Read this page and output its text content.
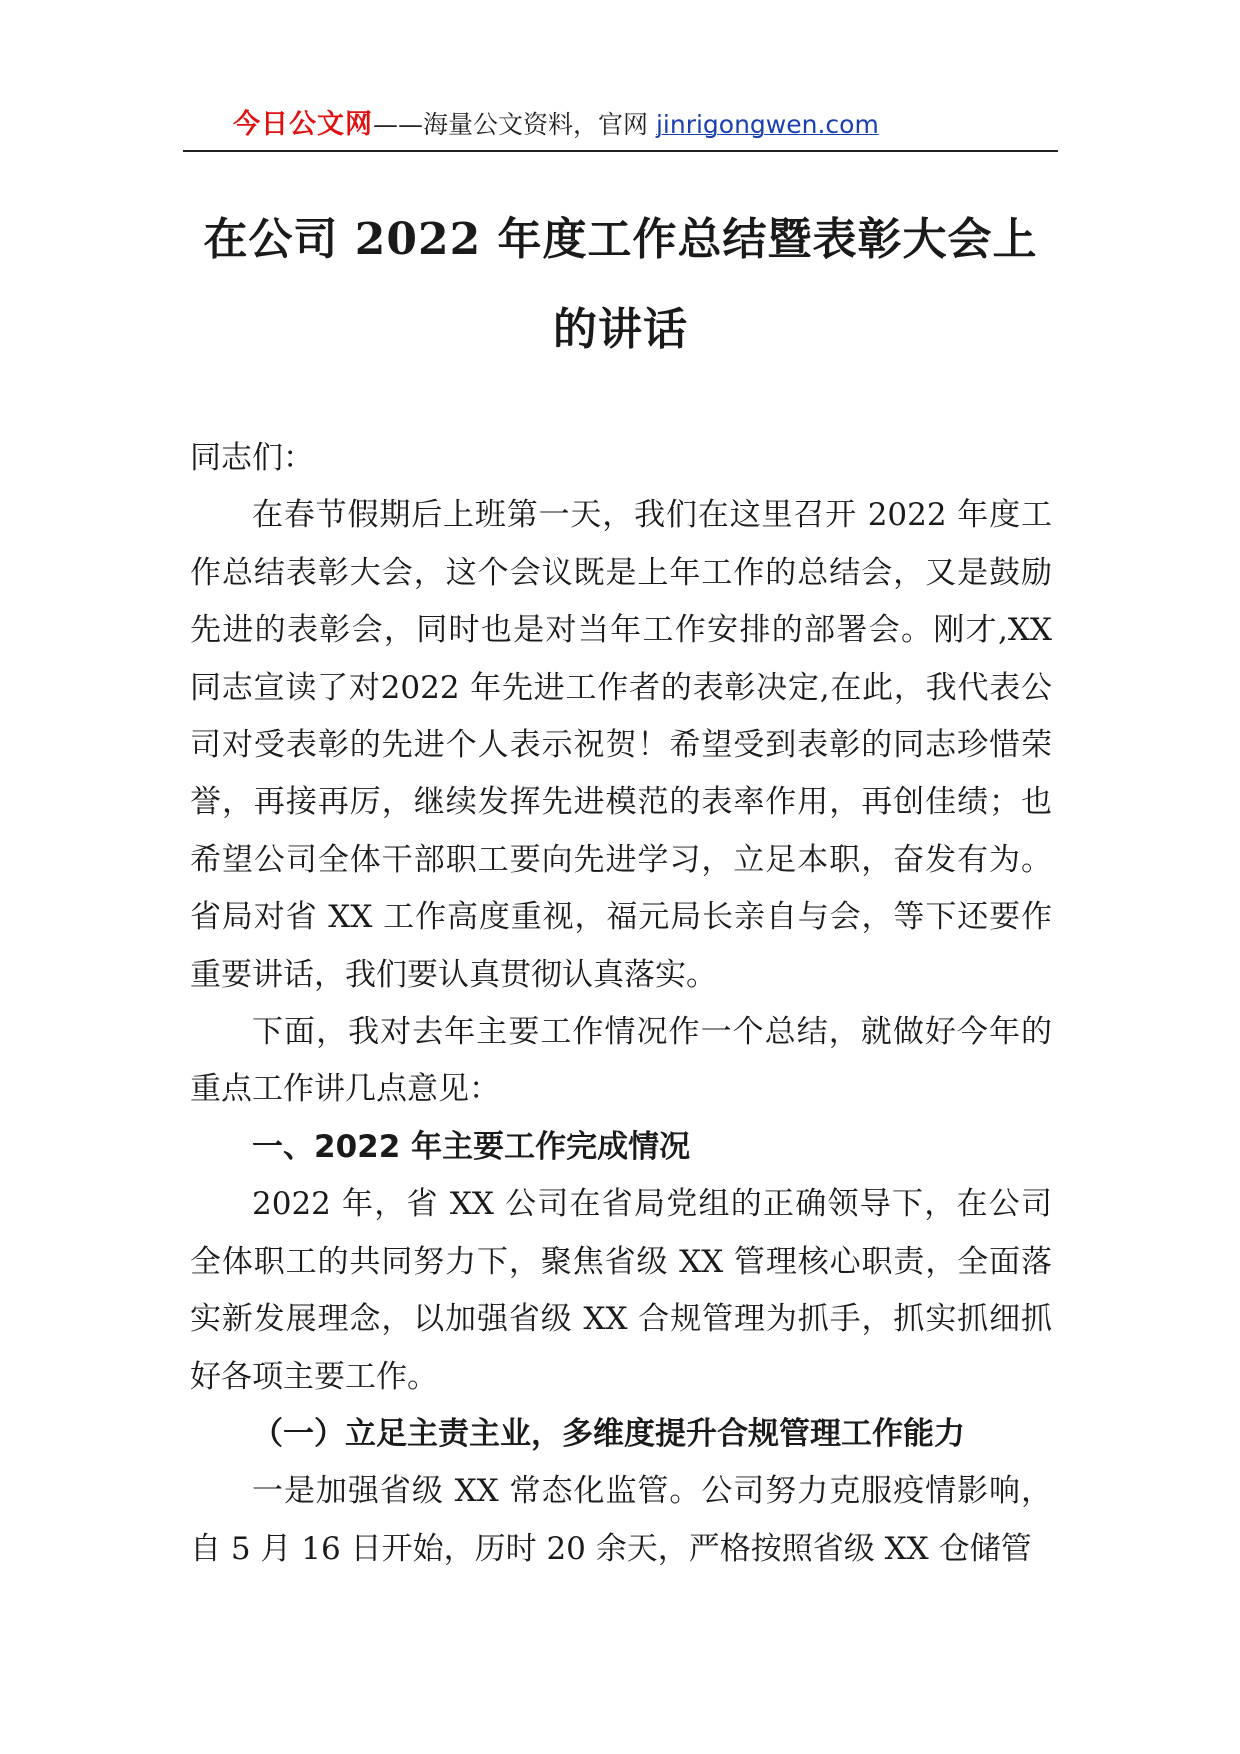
今日公文网——海量公文资料，官网 jinrigongwen.com
在公司 2022 年度工作总结暨表彰大会上的讲话

同志们：

在春节假期后上班第一天，我们在这里召开 2022 年度工作总结表彰大会，这个会议既是上年工作的总结会，又是鼓励先进的表彰会，同时也是对当年工作安排的部署会。刚才,XX 同志宣读了对2022 年先进工作者的表彰决定,在此，我代表公司对受表彰的先进个人表示祝贺！希望受到表彰的同志珍惜荣誉，再接再厉，继续发挥先进模范的表率作用，再创佳绩；也希望公司全体干部职工要向先进学习，立足本职，奋发有为。省局对省 XX 工作高度重视，福元局长亲自与会，等下还要作重要讲话，我们要认真贯彻认真落实。

下面，我对去年主要工作情况作一个总结，就做好今年的重点工作讲几点意见：

一、2022 年主要工作完成情况

2022 年，省 XX 公司在省局党组的正确领导下，在公司全体职工的共同努力下，聚焦省级 XX 管理核心职责，全面落实新发展理念，以加强省级 XX 合规管理为抓手，抓实抓细抓好各项主要工作。

（一）立足主责主业，多维度提升合规管理工作能力

一是加强省级 XX 常态化监管。公司努力克服疫情影响，自 5 月 16 日开始，历时 20 余天，严格按照省级 XX 仓储管
